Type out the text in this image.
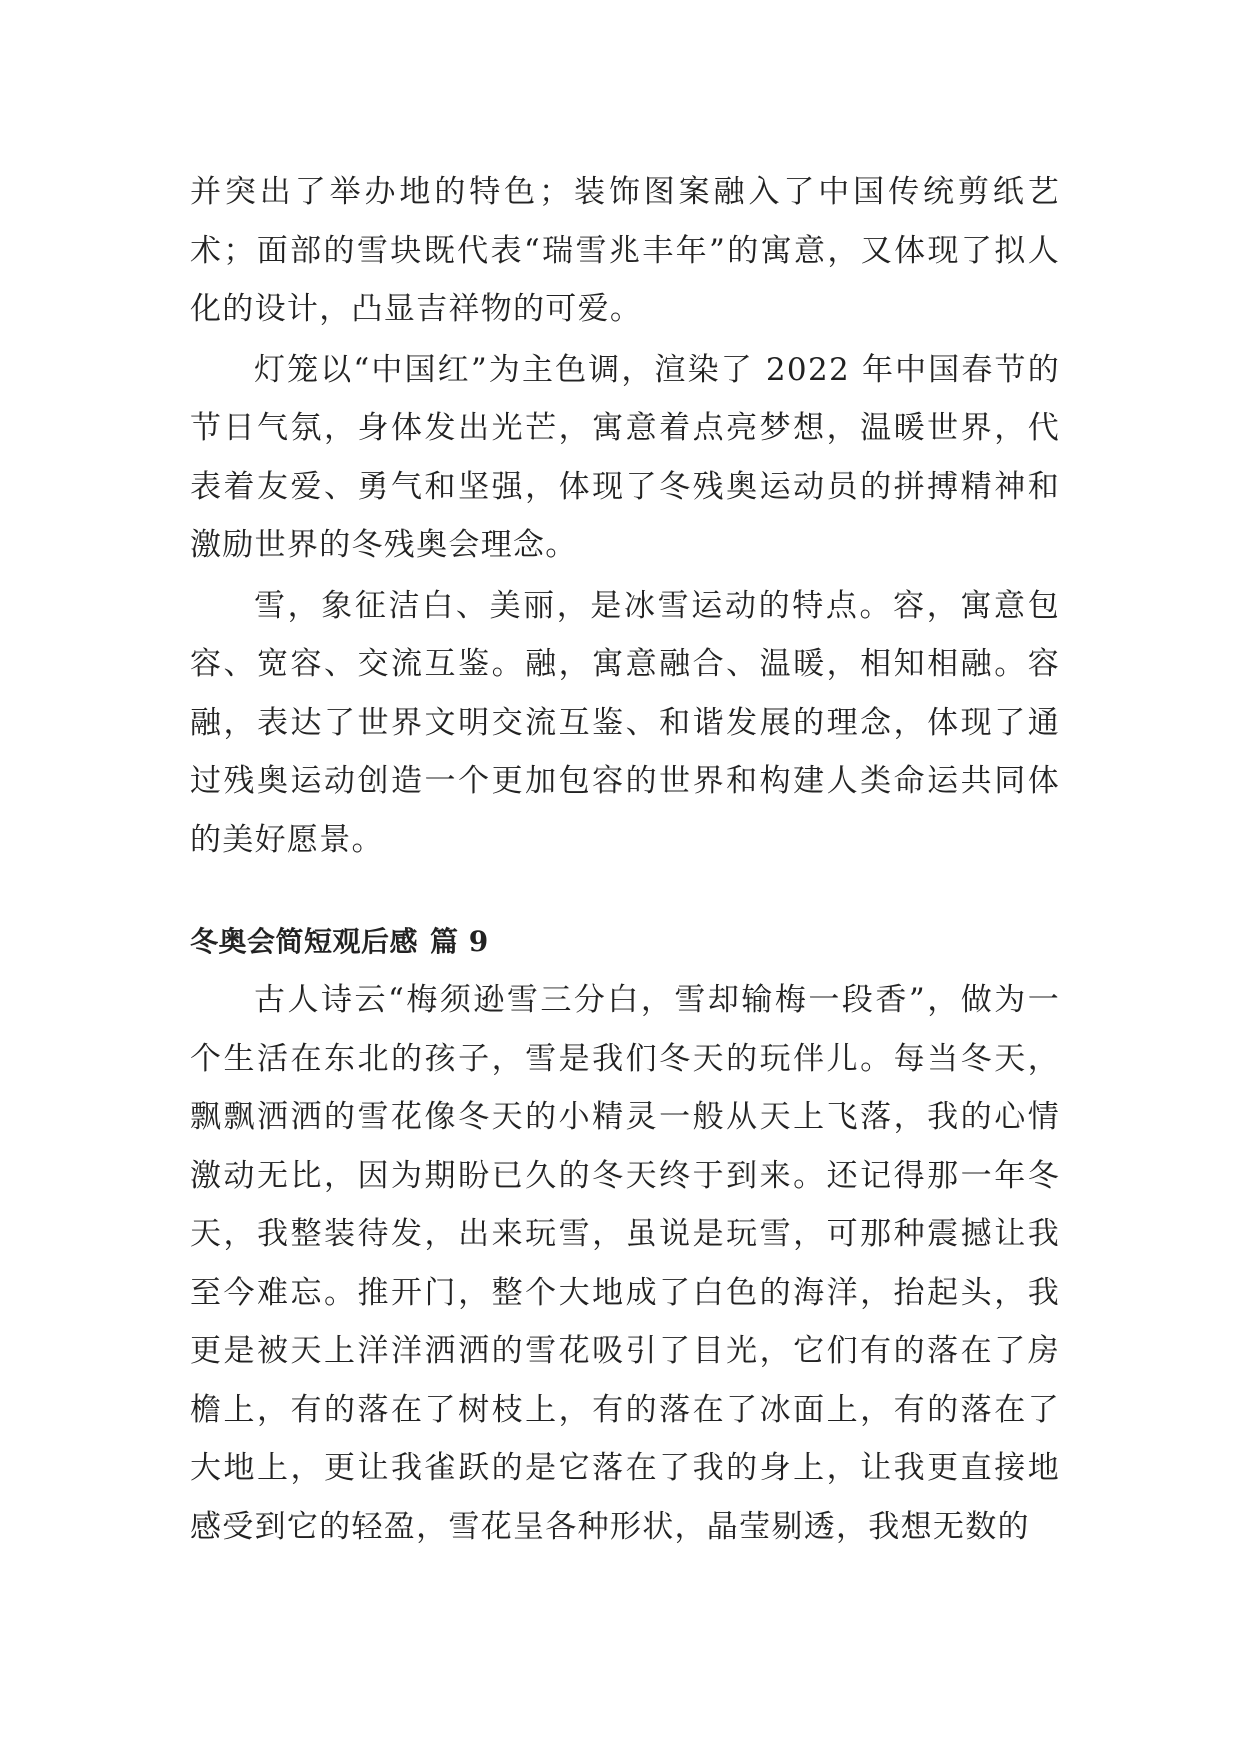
并突出了举办地的特色；装饰图案融入了中国传统剪纸艺术；面部的雪块既代表“瑞雪兆丰年”的寓意，又体现了拟人化的设计，凸显吉祥物的可爱。

灯笼以“中国红”为主色调，渲染了 2022 年中国春节的节日气氛，身体发出光芒，寓意着点亮梦想，温暖世界，代表着友爱、勇气和坚强，体现了冬残奥运动员的拼搏精神和激励世界的冬残奥会理念。

雪，象征洁白、美丽，是冰雪运动的特点。容，寓意包容、宽容、交流互鉴。融，寓意融合、温暖，相知相融。容融，表达了世界文明交流互鉴、和谐发展的理念，体现了通过残奥运动创造一个更加包容的世界和构建人类命运共同体的美好愿景。

冬奥会简短观后感 篇 9

古人诗云“梅须逊雪三分白，雪却输梅一段香”，做为一个生活在东北的孩子，雪是我们冬天的玩伴儿。每当冬天，飘飘洒洒的雪花像冬天的小精灵一般从天上飞落，我的心情激动无比，因为期盼已久的冬天终于到来。还记得那一年冬天，我整装待发，出来玩雪，虽说是玩雪，可那种震撼让我至今难忘。推开门，整个大地成了白色的海洋，抬起头，我更是被天上洋洋洒洒的雪花吸引了目光，它们有的落在了房檐上，有的落在了树枝上，有的落在了冰面上，有的落在了大地上，更让我雀跃的是它落在了我的身上，让我更直接地感受到它的轻盈，雪花呈各种形状，晶莹剔透，我想无数的
